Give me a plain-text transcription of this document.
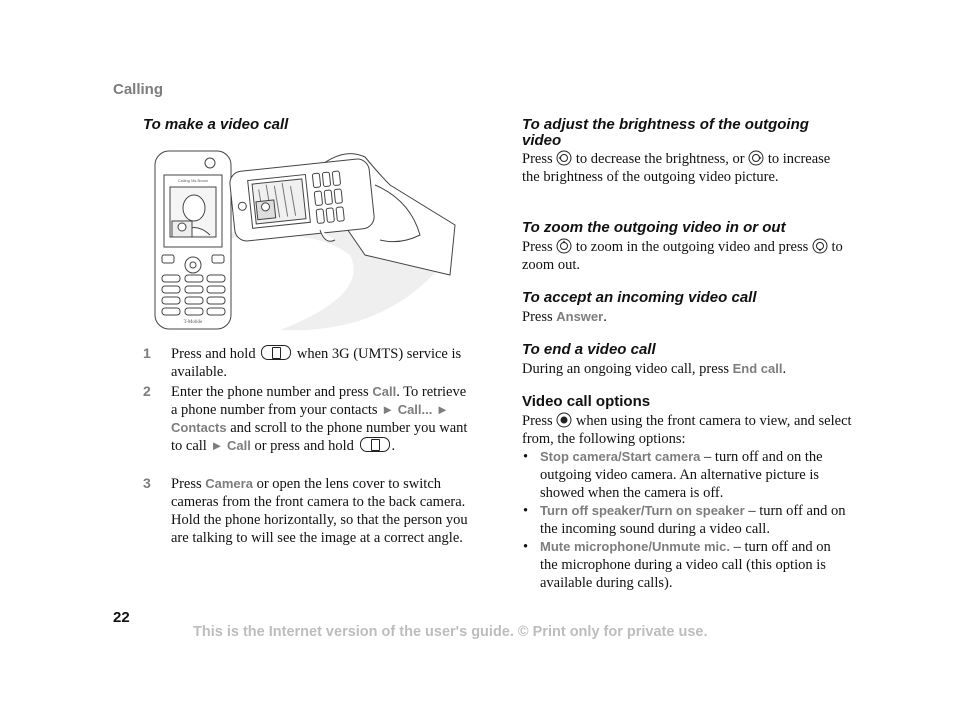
Calling
To make a video call
Calling Ms Braun
T-Mobile
1 Press and hold	when 3G (UMTS) service is available.
2 Enter the phone number and press Call. To retrieve a phone number from your contacts ► Call... ► Contacts and scroll to the phone number you want to call ► Call or press and hold	.
3 Press Camera or open the lens cover to switch cameras from the front camera to the back camera. Hold the phone horizontally, so that the person you are talking to will see the image at a correct angle.
To adjust the brightness of the outgoing video
Press to decrease the brightness, or to increase the brightness of the outgoing video picture.
To zoom the outgoing video in or out
Press to zoom in the outgoing video and press to zoom out.
To accept an incoming video call
Press Answer.
To end a video call
During an ongoing video call, press End call.
Video call options
Press when using the front camera to view, and select from, the following options:
• Stop camera/Start camera – turn off and on the outgoing video camera. An alternative picture is showed when the camera is off.
• Turn off speaker/Turn on speaker – turn off and on the incoming sound during a video call.
• Mute microphone/Unmute mic. – turn off and on the microphone during a video call (this option is available during calls).
22
This is the Internet version of the user's guide. © Print only for private use.
